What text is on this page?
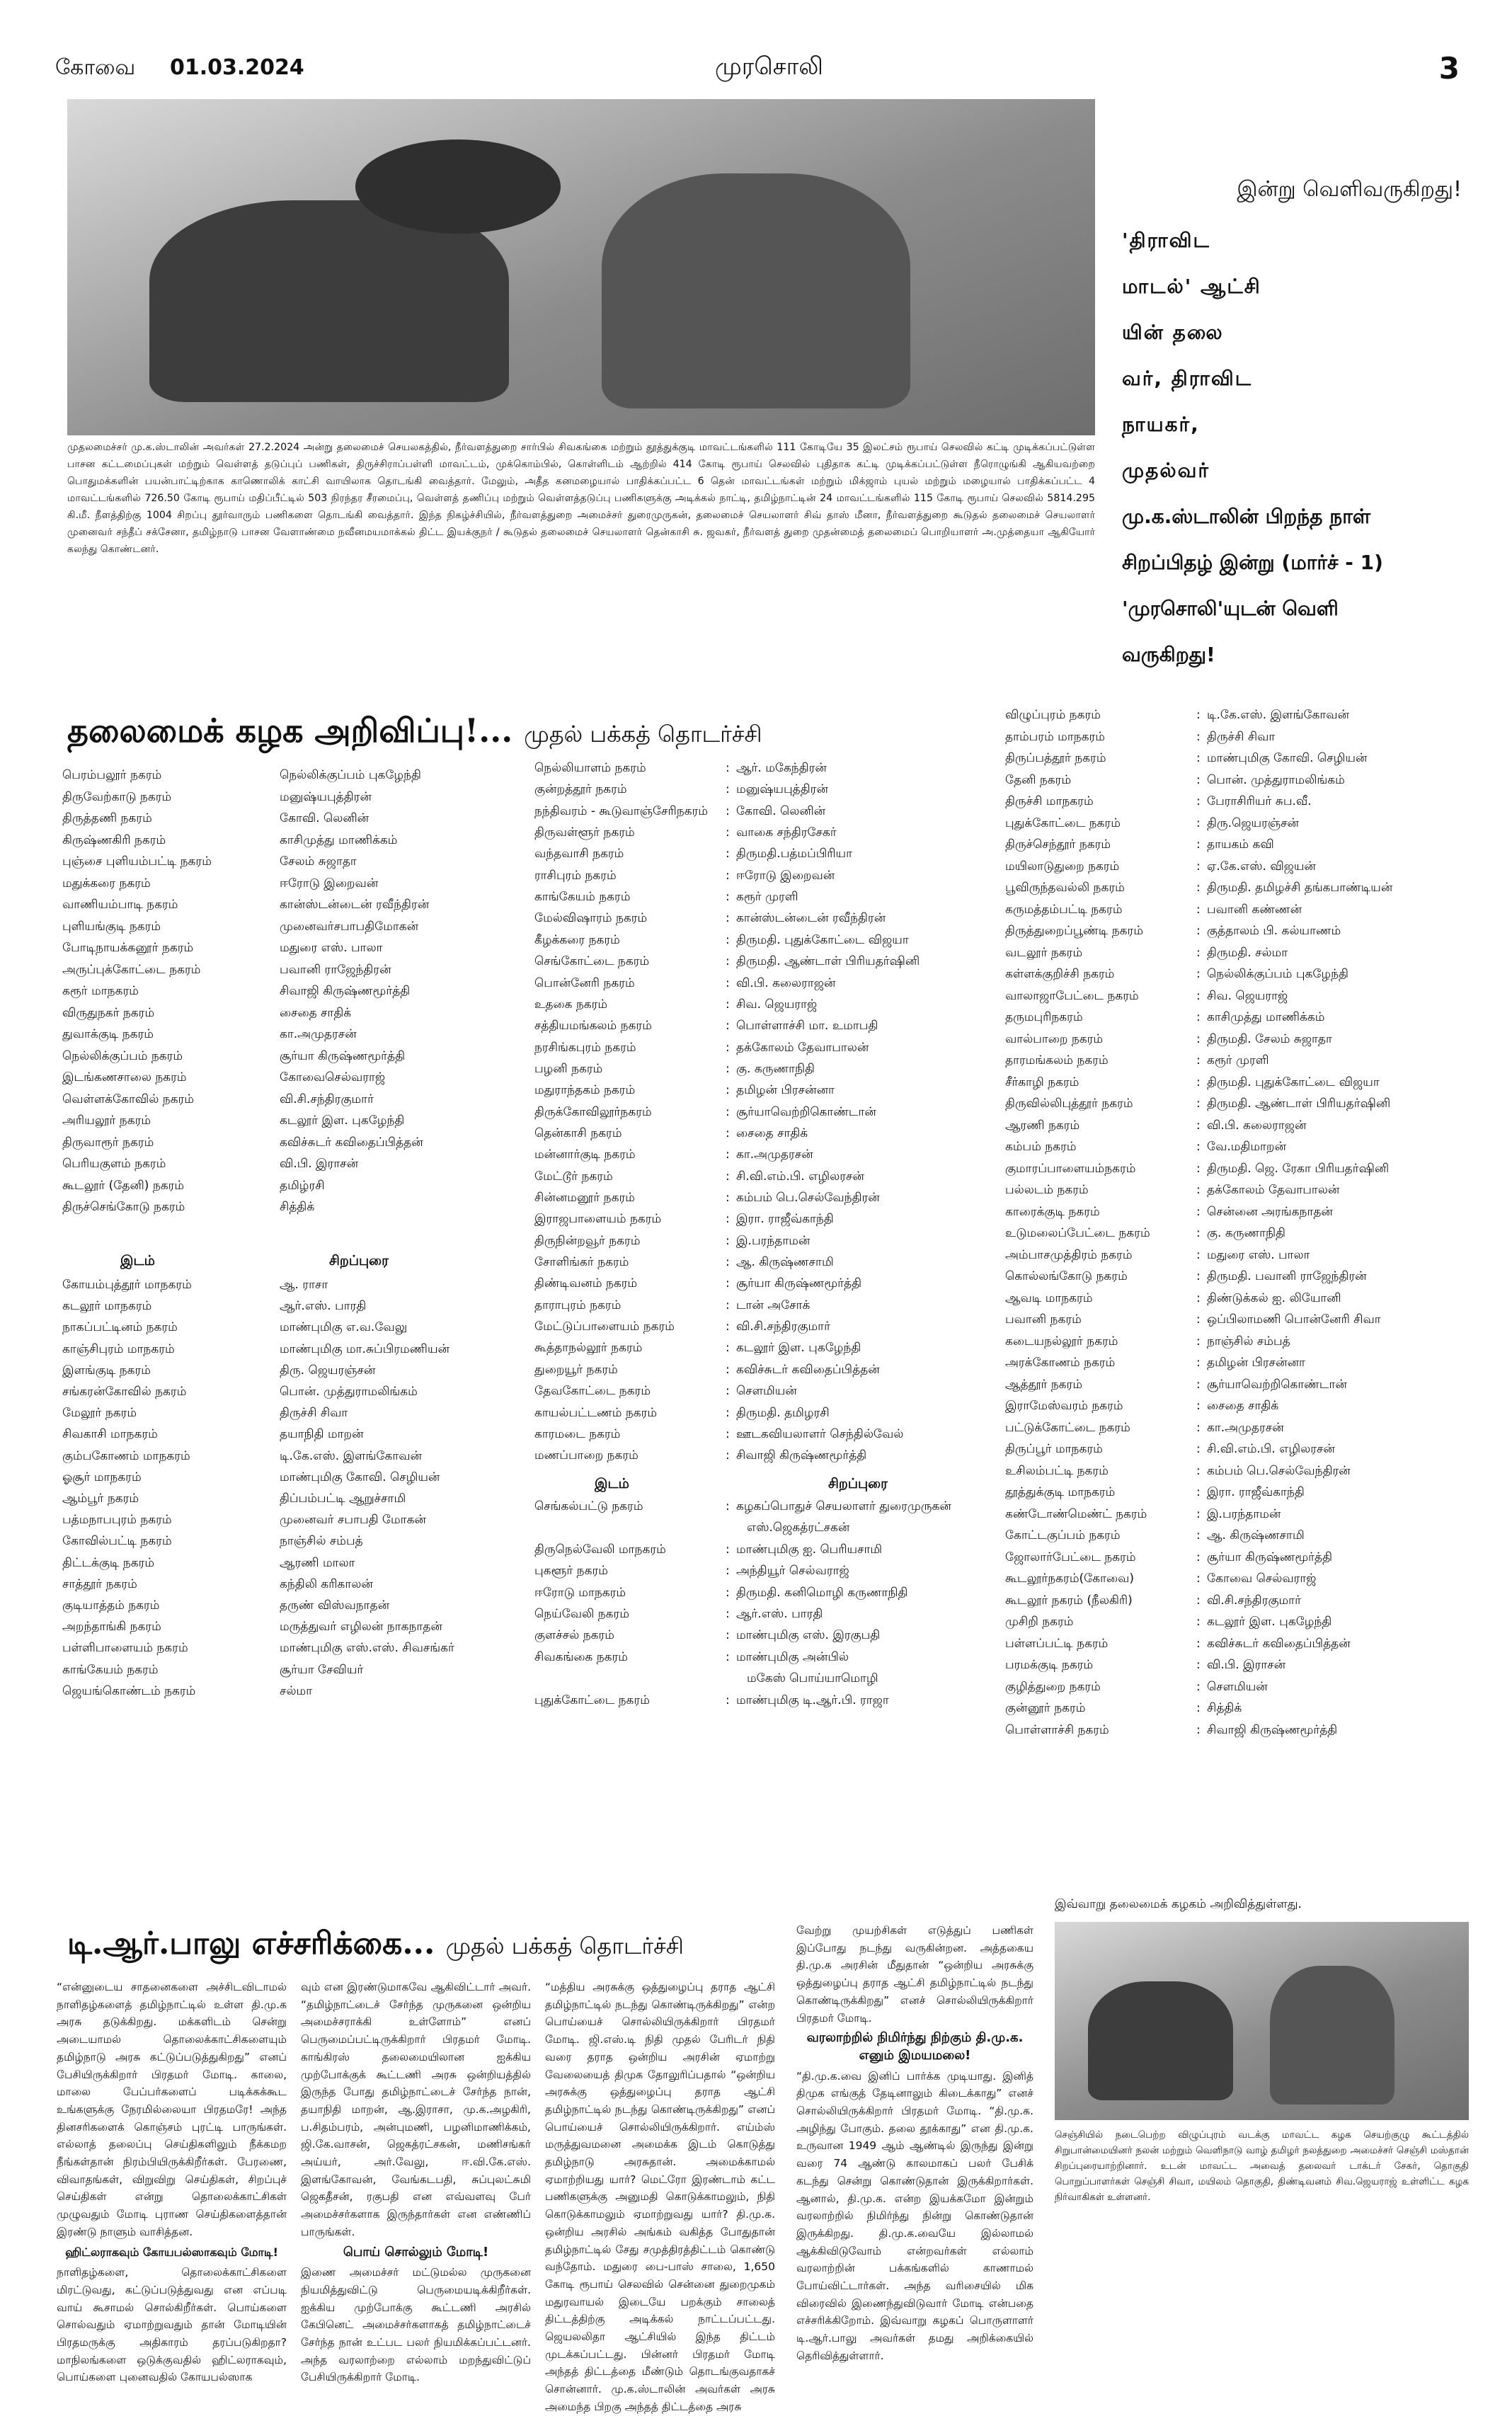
கோவை 01.03.2024	முரசொலி	3
முதலமைச்சர் மு.க.ஸ்டாலின் அவர்கள் 27.2.2024 அன்று தலைமைச் செயலகத்தில், நீர்வளத்துறை சார்பில் சிவகங்கை மற்றும் தூத்துக்குடி மாவட்டங்களில் 111 கோடியே 35 இலட்சம் ரூபாய் செலவில் கட்டி முடிக்கப்பட்டுள்ள பாசன கட்டமைப்புகள் மற்றும் வெள்ளத் தடுப்புப் பணிகள், திருச்சிராப்பள்ளி மாவட்டம், முக்கொம்பில், கொள்ளிடம் ஆற்றில் 414 கோடி ரூபாய் செலவில் புதிதாக கட்டி முடிக்கப்பட்டுள்ள நீரொழுங்கி ஆகியவற்றை பொதுமக்களின் பயன்பாட்டிற்காக காணொலிக் காட்சி வாயிலாக தொடங்கி வைத்தார். மேலும், அதீத கனமழையால் பாதிக்கப்பட்ட 6 தென் மாவட்டங்கள் மற்றும் மிக்ஜாம் புயல் மற்றும் மழையால் பாதிக்கப்பட்ட 4 மாவட்டங்களில் 726.50 கோடி ரூபாய் மதிப்பீட்டில் 503 நிரந்தர சீரமைப்பு, வெள்ளத் தணிப்பு மற்றும் வெள்ளத்தடுப்பு பணிகளுக்கு அடிக்கல் நாட்டி, தமிழ்நாட்டின் 24 மாவட்டங்களில் 115 கோடி ரூபாய் செலவில் 5814.295 கி.மீ. நீளத்திற்கு 1004 சிறப்பு தூர்வாரும் பணிகளை தொடங்கி வைத்தார். இந்த நிகழ்ச்சியில், நீர்வளத்துறை அமைச்சர் துரைமுருகன், தலைமைச் செயலாளர் சிவ் தாஸ் மீனா, நீர்வளத்துறை கூடுதல் தலைமைச் செயலாளர் முனைவர் சந்தீப் சக்சேனா, தமிழ்நாடு பாசன வேளாண்மை நவீனமயமாக்கல் திட்ட இயக்குநர் / கூடுதல் தலைமைச் செயலாளர் தென்காசி சு. ஜவகர், நீர்வளத் துறை முதன்மைத் தலைமைப் பொறியாளர் அ.முத்தையா ஆகியோர் கலந்து கொண்டனர்.
இன்று வெளிவருகிறது!
'திராவிட
மாடல்' ஆட்சி
யின் தலை
வர், திராவிட
நாயகர்,
முதல்வர்
மு.க.ஸ்டாலின் பிறந்த நாள்
சிறப்பிதழ் இன்று (மார்ச் - 1)
'முரசொலி'யுடன் வெளி
வருகிறது!
தலைமைக் கழக அறிவிப்பு!... முதல் பக்கத் தொடர்ச்சி
பெரம்பலூர் நகரம்	நெல்லிக்குப்பம் புகழேந்தி
திருவேற்காடு நகரம்	மனுஷ்யபுத்திரன்
திருத்தணி நகரம்	கோவி. லெனின்
கிருஷ்ணகிரி நகரம்	காசிமுத்து மாணிக்கம்
புஞ்சை புளியம்பட்டி நகரம்	சேலம் சுஜாதா
மதுக்கரை நகரம்	ஈரோடு இறைவன்
வாணியம்பாடி நகரம்	கான்ஸ்டன்டைன் ரவீந்திரன்
புளியங்குடி நகரம்	முனைவர்சபாபதிமோகன்
போடிநாயக்கனூர் நகரம்	மதுரை எஸ். பாலா
அருப்புக்கோட்டை நகரம்	பவானி ராஜேந்திரன்
கரூர் மாநகரம்	சிவாஜி கிருஷ்ணமூர்த்தி
விருதுநகர் நகரம்	சைதை சாதிக்
துவாக்குடி நகரம்	கா.அமுதரசன்
நெல்லிக்குப்பம் நகரம்	சூர்யா கிருஷ்ணமூர்த்தி
இடங்கணசாலை நகரம்	கோவைசெல்வராஜ்
வெள்ளக்கோவில் நகரம்	வி.சி.சந்திரகுமார்
அரியலூர் நகரம்	கடலூர் இள. புகழேந்தி
திருவாரூர் நகரம்	கவிச்சுடர் கவிதைப்பித்தன்
பெரியகுளம் நகரம்	வி.பி. இராசன்
கூடலூர் (தேனி) நகரம்	தமிழ்ரசி
திருச்செங்கோடு நகரம்	சித்திக்
இடம்	சிறப்புரை
கோயம்புத்தூர் மாநகரம்	ஆ. ராசா
கடலூர் மாநகரம்	ஆர்.எஸ். பாரதி
நாகப்பட்டினம் நகரம்	மாண்புமிகு எ.வ.வேலு
காஞ்சிபுரம் மாநகரம்	மாண்புமிகு மா.சுப்பிரமணியன்
இளங்குடி நகரம்	திரு. ஜெயரஞ்சன்
சங்கரன்கோவில் நகரம்	பொன். முத்துராமலிங்கம்
மேலூர் நகரம்	திருச்சி சிவா
சிவகாசி மாநகரம்	தயாநிதி மாறன்
கும்பகோணம் மாநகரம்	டி.கே.எஸ். இளங்கோவன்
ஓசூர் மாநகரம்	மாண்புமிகு கோவி. செழியன்
ஆம்பூர் நகரம்	திப்பம்பட்டி ஆறுச்சாமி
பத்மநாபபுரம் நகரம்	முனைவர் சபாபதி மோகன்
கோவில்பட்டி நகரம்	நாஞ்சில் சம்பத்
திட்டக்குடி நகரம்	ஆரணி மாலா
சாத்தூர் நகரம்	கந்திலி கரிகாலன்
குடியாத்தம் நகரம்	தருண் விஸ்வநாதன்
அறந்தாங்கி நகரம்	மருத்துவர் எழிலன் நாகநாதன்
பள்ளிபாளையம் நகரம்	மாண்புமிகு எஸ்.எஸ். சிவசங்கர்
காங்கேயம் நகரம்	சூர்யா சேவியர்
ஜெயங்கொண்டம் நகரம்	சல்மா
நெல்லியாளம் நகரம்	: ஆர். மகேந்திரன்
குன்றத்தூர் நகரம்	: மனுஷ்யபுத்திரன்
நந்திவரம் - கூடுவாஞ்சேரிநகரம் : கோவி. லெனின்
திருவள்ளூர் நகரம்	: வாகை சந்திரசேகர்
வந்தவாசி நகரம்	: திருமதி.பத்மப்பிரியா
ராசிபுரம் நகரம்	: ஈரோடு இறைவன்
காங்கேயம் நகரம்	: கரூர் முரளி
மேல்விஷாரம் நகரம்	: கான்ஸ்டன்டைன் ரவீந்திரன்
கீழக்கரை நகரம்	: திருமதி. புதுக்கோட்டை விஜயா
செங்கோட்டை நகரம்	: திருமதி. ஆண்டாள் பிரியதர்ஷினி
பொன்னேரி நகரம்	: வி.பி. கலைராஜன்
உதகை நகரம்	: சிவ. ஜெயராஜ்
சத்தியமங்கலம் நகரம்	: பொள்ளாச்சி மா. உமாபதி
நரசிங்கபுரம் நகரம்	: தக்கோலம் தேவாபாலன்
பழனி நகரம்	: கு. கருணாநிதி
மதுராந்தகம் நகரம்	: தமிழன் பிரசன்னா
திருக்கோவிலூர்நகரம்	: சூர்யாவெற்றிகொண்டான்
தென்காசி நகரம்	: சைதை சாதிக்
மன்னார்குடி நகரம்	: கா.அமுதரசன்
மேட்டூர் நகரம்	: சி.வி.எம்.பி. எழிலரசன்
சின்னமனூர் நகரம்	: கம்பம் பெ.செல்வேந்திரன்
இராஜபாளையம் நகரம்	: இரா. ராஜீவ்காந்தி
திருநின்றவூர் நகரம்	: இ.பரந்தாமன்
சோளிங்கர் நகரம்	: ஆ. கிருஷ்ணசாமி
திண்டிவனம் நகரம்	: சூர்யா கிருஷ்ணமூர்த்தி
தாராபுரம் நகரம்	: டான் அசோக்
மேட்டுப்பாளையம் நகரம்	: வி.சி.சந்திரகுமார்
கூத்தாநல்லூர் நகரம்	: கடலூர் இள. புகழேந்தி
துறையூர் நகரம்	: கவிச்சுடர் கவிதைப்பித்தன்
தேவகோட்டை நகரம்	: சௌமியன்
காயல்பட்டணம் நகரம்	: திருமதி. தமிழரசி
காரமடை நகரம்	: ஊடகவியலாளர் செந்தில்வேல்
மணப்பாறை நகரம்	: சிவாஜி கிருஷ்ணமூர்த்தி
இடம்	சிறப்புரை
செங்கல்பட்டு நகரம்	: கழகப்பொதுச் செயலாளர் துரைமுருகன்
எஸ்.ஜெகத்ரட்சகன்
திருநெல்வேலி மாநகரம்	: மாண்புமிகு ஐ. பெரியசாமி
புகளூர் நகரம்	: அந்தியூர் செல்வராஜ்
ஈரோடு மாநகரம்	: திருமதி. கனிமொழி கருணாநிதி
நெய்வேலி நகரம்	: ஆர்.எஸ். பாரதி
குளச்சல் நகரம்	: மாண்புமிகு எஸ். இரகுபதி
சிவகங்கை நகரம்	: மாண்புமிகு அன்பில்
மகேஸ் பொய்யாமொழி
புதுக்கோட்டை நகரம்	: மாண்புமிகு டி.ஆர்.பி. ராஜா
விழுப்புரம் நகரம்	: டி.கே.எஸ். இளங்கோவன்
தாம்பரம் மாநகரம்	: திருச்சி சிவா
திருப்பத்தூர் நகரம்	: மாண்புமிகு கோவி. செழியன்
தேனி நகரம்	: பொன். முத்துராமலிங்கம்
திருச்சி மாநகரம்	: பேராசிரியர் சுப.வீ.
புதுக்கோட்டை நகரம்	: திரு.ஜெயரஞ்சன்
திருச்செந்தூர் நகரம்	: தாயகம் கவி
மயிலாடுதுறை நகரம்	: ஏ.கே.எஸ். விஜயன்
பூவிருந்தவல்லி நகரம்	: திருமதி. தமிழச்சி தங்கபாண்டியன்
கருமத்தம்பட்டி நகரம்	: பவானி கண்ணன்
திருத்துறைப்பூண்டி நகரம்	: குத்தாலம் பி. கல்யாணம்
வடலூர் நகரம்	: திருமதி. சல்மா
கள்ளக்குறிச்சி நகரம்	: நெல்லிக்குப்பம் புகழேந்தி
வாலாஜாபேட்டை நகரம்	: சிவ. ஜெயராஜ்
தருமபுரிநகரம்	: காசிமுத்து மாணிக்கம்
வால்பாறை நகரம்	: திருமதி. சேலம் சுஜாதா
தாரமங்கலம் நகரம்	: கரூர் முரளி
சீர்காழி நகரம்	: திருமதி. புதுக்கோட்டை விஜயா
திருவில்லிபுத்தூர் நகரம்	: திருமதி. ஆண்டாள் பிரியதர்ஷினி
ஆரணி நகரம்	: வி.பி. கலைராஜன்
கம்பம் நகரம்	: வே.மதிமாறன்
குமாரப்பாளையம்நகரம்	: திருமதி. ஜெ. ரேகா பிரியதர்ஷினி
பல்லடம் நகரம்	: தக்கோலம் தேவாபாலன்
காரைக்குடி நகரம்	: சென்னை அரங்கநாதன்
உடுமலைப்பேட்டை நகரம்	: கு. கருணாநிதி
அம்பாசமுத்திரம் நகரம்	: மதுரை எஸ். பாலா
கொல்லங்கோடு நகரம்	: திருமதி. பவானி ராஜேந்திரன்
ஆவடி மாநகரம்	: திண்டுக்கல் ஐ. லியோனி
பவானி நகரம்	: ஒப்பிலாமணி பொன்னேரி சிவா
கடையநல்லூர் நகரம்	: நாஞ்சில் சம்பத்
அரக்கோணம் நகரம்	: தமிழன் பிரசன்னா
ஆத்தூர் நகரம்	: சூர்யாவெற்றிகொண்டான்
இராமேஸ்வரம் நகரம்	: சைதை சாதிக்
பட்டுக்கோட்டை நகரம்	: கா.அமுதரசன்
திருப்பூர் மாநகரம்	: சி.வி.எம்.பி. எழிலரசன்
உசிலம்பட்டி நகரம்	: கம்பம் பெ.செல்வேந்திரன்
தூத்துக்குடி மாநகரம்	: இரா. ராஜீவ்காந்தி
கண்டோண்மெண்ட் நகரம்	: இ.பரந்தாமன்
கோட்டகுப்பம் நகரம்	: ஆ. கிருஷ்ணசாமி
ஜோலார்பேட்டை நகரம்	: சூர்யா கிருஷ்ணமூர்த்தி
கூடலூர்நகரம்(கோவை)	: கோவை செல்வராஜ்
கூடலூர் நகரம் (நீலகிரி)	: வி.சி.சந்திரகுமார்
முசிறி நகரம்	: கடலூர் இள. புகழேந்தி
பள்ளப்பட்டி நகரம்	: கவிச்சுடர் கவிதைப்பித்தன்
பரமக்குடி நகரம்	: வி.பி. இராசன்
குழித்துறை நகரம்	: சௌமியன்
குன்னூர் நகரம்	: சித்திக்
பொள்ளாச்சி நகரம்	: சிவாஜி கிருஷ்ணமூர்த்தி
இவ்வாறு தலைமைக் கழகம் அறிவித்துள்ளது.
டி.ஆர்.பாலு எச்சரிக்கை... முதல் பக்கத் தொடர்ச்சி

“என்னுடைய சாதனைகளை அச்சிடவிடாமல் நாளிதழ்களைத் தமிழ்நாட்டில் உள்ள தி.மு.க அரசு தடுக்கிறது. மக்களிடம் சென்று அடையாமல் தொலைக்காட்சிகளையும் தமிழ்நாடு அரசு கட்டுப்படுத்துகிறது” எனப் பேசியிருக்கிறார் பிரதமர் மோடி. காலை, மாலை பேப்பர்களைப் படிக்கக்கூட உங்களுக்கு நேரமில்லையா பிரதமரே! அந்த தினசரிகளைக் கொஞ்சம் புரட்டி பாருங்கள். எல்லாத் தலைப்பு செய்திகளிலும் நீக்கமற நீங்கள்தான் நிரம்பியிருக்கிறீர்கள். பேரணை, விவாதங்கள், விறுவிறு செய்திகள், சிறப்புச் செய்திகள் என்று தொலைக்காட்சிகள் முழுவதும் மோடி புராண செய்திகளைத்தான் இரண்டு நாளும் வாசித்தன.

ஹிட்லராகவும் கோயபல்ஸாகவும் மோடி!

நாளிதழ்களை, தொலைக்காட்சிகளை மிரட்டுவது, கட்டுப்படுத்துவது என எப்படி வாய் கூசாமல் சொல்கிறீர்கள். பொய்களை சொல்வதும் ஏமாற்றுவதும் தான் மோடியின் பிரதமருக்கு அதிகாரம் தரப்படுகிறதா? மாநிலங்களை ஒடுக்குவதில் ஹிட்லராகவும், பொய்களை புனைவதில் கோயபல்ஸாக

வும் என இரண்டுமாகவே ஆகிவிட்டார் அவர். “தமிழ்நாட்டைச் சேர்ந்த முருகனை ஒன்றிய அமைச்சராக்கி உள்ளோம்” எனப் பெருமைப்பட்டிருக்கிறார் பிரதமர் மோடி. காங்கிரஸ் தலைமையிலான ஐக்கிய முற்போக்குக் கூட்டணி அரசு ஒன்றியத்தில் இருந்த போது தமிழ்நாட்டைச் சேர்ந்த நான், தயாநிதி மாறன், ஆ.இராசா, மு.க.அழகிரி, ப.சிதம்பரம், அன்புமணி, பழனிமாணிக்கம், ஜி.கே.வாசன், ஜெகத்ரட்சகன், மணிசங்கர் அய்யர், அர்.வேலு, ஈ.வி.கே.எஸ். இளங்கோவன், வேங்கடபதி, சுப்புலட்சுமி ஜெகதீசன், ரகுபதி என எவ்வளவு பேர் அமைச்சர்களாக இருந்தார்கள் என எண்ணிப் பாருங்கள்.

பொய் சொல்லும் மோடி!

இணை அமைச்சர் மட்டுமல்ல முருகனை நியமித்துவிட்டு பெருமையடிக்கிறீர்கள். ஐக்கிய முற்போக்கு கூட்டணி அரசில் கேபினெட் அமைச்சர்களாகத் தமிழ்நாட்டைச் சேர்ந்த நான் உட்பட பலர் நியமிக்கப்பட்டனர். அந்த வரலாற்றை எல்லாம் மறந்துவிட்டுப் பேசியிருக்கிறார் மோடி.

“மத்திய அரசுக்கு ஒத்துழைப்பு தராத ஆட்சி தமிழ்நாட்டில் நடந்து கொண்டிருக்கிறது” என்ற பொய்யைச் சொல்லியிருக்கிறார் பிரதமர் மோடி. ஜி.எஸ்.டி நிதி முதல் பேரிடர் நிதி வரை தராத ஒன்றிய அரசின் ஏமாற்று வேலையைத் திமுக தோலுரிப்பதால் “ஒன்றிய அரசுக்கு ஒத்துழைப்பு தராத ஆட்சி தமிழ்நாட்டில் நடந்து கொண்டிருக்கிறது” எனப் பொய்யைச் சொல்லியிருக்கிறார். எய்ம்ஸ் மருத்துவமனை அமைக்க இடம் கொடுத்து தமிழ்நாடு அரசுதான். அமைக்காமல் ஏமாற்றியது யார்? மெட்ரோ இரண்டாம் கட்ட பணிகளுக்கு அனுமதி கொடுக்காமலும், நிதி கொடுக்காமலும் ஏமாற்றுவது யார்? தி.மு.க. ஒன்றிய அரசில் அங்கம் வகித்த போதுதான் தமிழ்நாட்டில் சேது சமுத்திரத்திட்டம் கொண்டு வந்தோம். மதுரை பை-பாஸ் சாலை, 1,650 கோடி ரூபாய் செலவில் சென்னை துறைமுகம் மதுரவாயல் இடையே பறக்கும் சாலைத் திட்டத்திற்கு அடிக்கல் நாட்டப்பட்டது. ஜெயலலிதா ஆட்சியில் இந்த திட்டம் முடக்கப்பட்டது. பின்னர் பிரதமர் மோடி அந்தத் திட்டத்தை மீண்டும் தொடங்குவதாகச் சொன்னார். மு.க.ஸ்டாலின் அவர்கள் அரசு அமைந்த பிறகு அந்தத் திட்டத்தை அரசு

வேற்று முயற்சிகள் எடுத்துப் பணிகள் இப்போது நடந்து வருகின்றன. அத்தகைய தி.மு.க அரசின் மீதுதான் “ஒன்றிய அரசுக்கு ஒத்துழைப்பு தராத ஆட்சி தமிழ்நாட்டில் நடந்து கொண்டிருக்கிறது” எனச் சொல்லியிருக்கிறார் பிரதமர் மோடி.

வரலாற்றில் நிமிர்ந்து நிற்கும் தி.மு.க. எனும் இமயமலை!

“தி.மு.க.வை இனிப் பார்க்க முடியாது. இனித் திமுக எங்குத் தேடினாலும் கிடைக்காது” எனச் சொல்லியிருக்கிறார் பிரதமர் மோடி. “தி.மு.க. அழிந்து போகும். தலை தூக்காது” என தி.மு.க. உருவான 1949 ஆம் ஆண்டில் இருந்து இன்று வரை 74 ஆண்டு காலமாகப் பலர் பேசிக் கடந்து சென்று கொண்டுதான் இருக்கிறார்கள். ஆனால், தி.மு.க. என்ற இயக்கமோ இன்றும் வரலாற்றில் நிமிர்ந்து நின்று கொண்டுதான் இருக்கிறது. தி.மு.க.வையே இல்லாமல் ஆக்கிவிடுவோம் என்றவர்கள் எல்லாம் வரலாற்றின் பக்கங்களில் காணாமல் போய்விட்டார்கள். அந்த வரிசையில் மிக விரைவில் இணைந்துவிடுவார் மோடி என்பதை எச்சரிக்கிறோம். இவ்வாறு கழகப் பொருளாளர் டி.ஆர்.பாலு அவர்கள் தமது அறிக்கையில் தெரிவித்துள்ளார்.

செஞ்சியில் நடைபெற்ற விழுப்புரம் வடக்கு மாவட்ட கழக செயற்குழு கூட்டத்தில் சிறுபான்மையினர் நலன் மற்றும் வெளிநாடு வாழ் தமிழர் நலத்துறை அமைச்சர் செஞ்சி மஸ்தான் சிறப்புரையாற்றினார். உடன் மாவட்ட அவைத் தலைவர் டாக்டர் சேகர், தொகுதி பொறுப்பாளர்கள் செஞ்சி சிவா, மயிலம் தொகுதி, திண்டிவனம் சிவ.ஜெயராஜ் உள்ளிட்ட கழக நிர்வாகிகள் உள்ளனர்.
